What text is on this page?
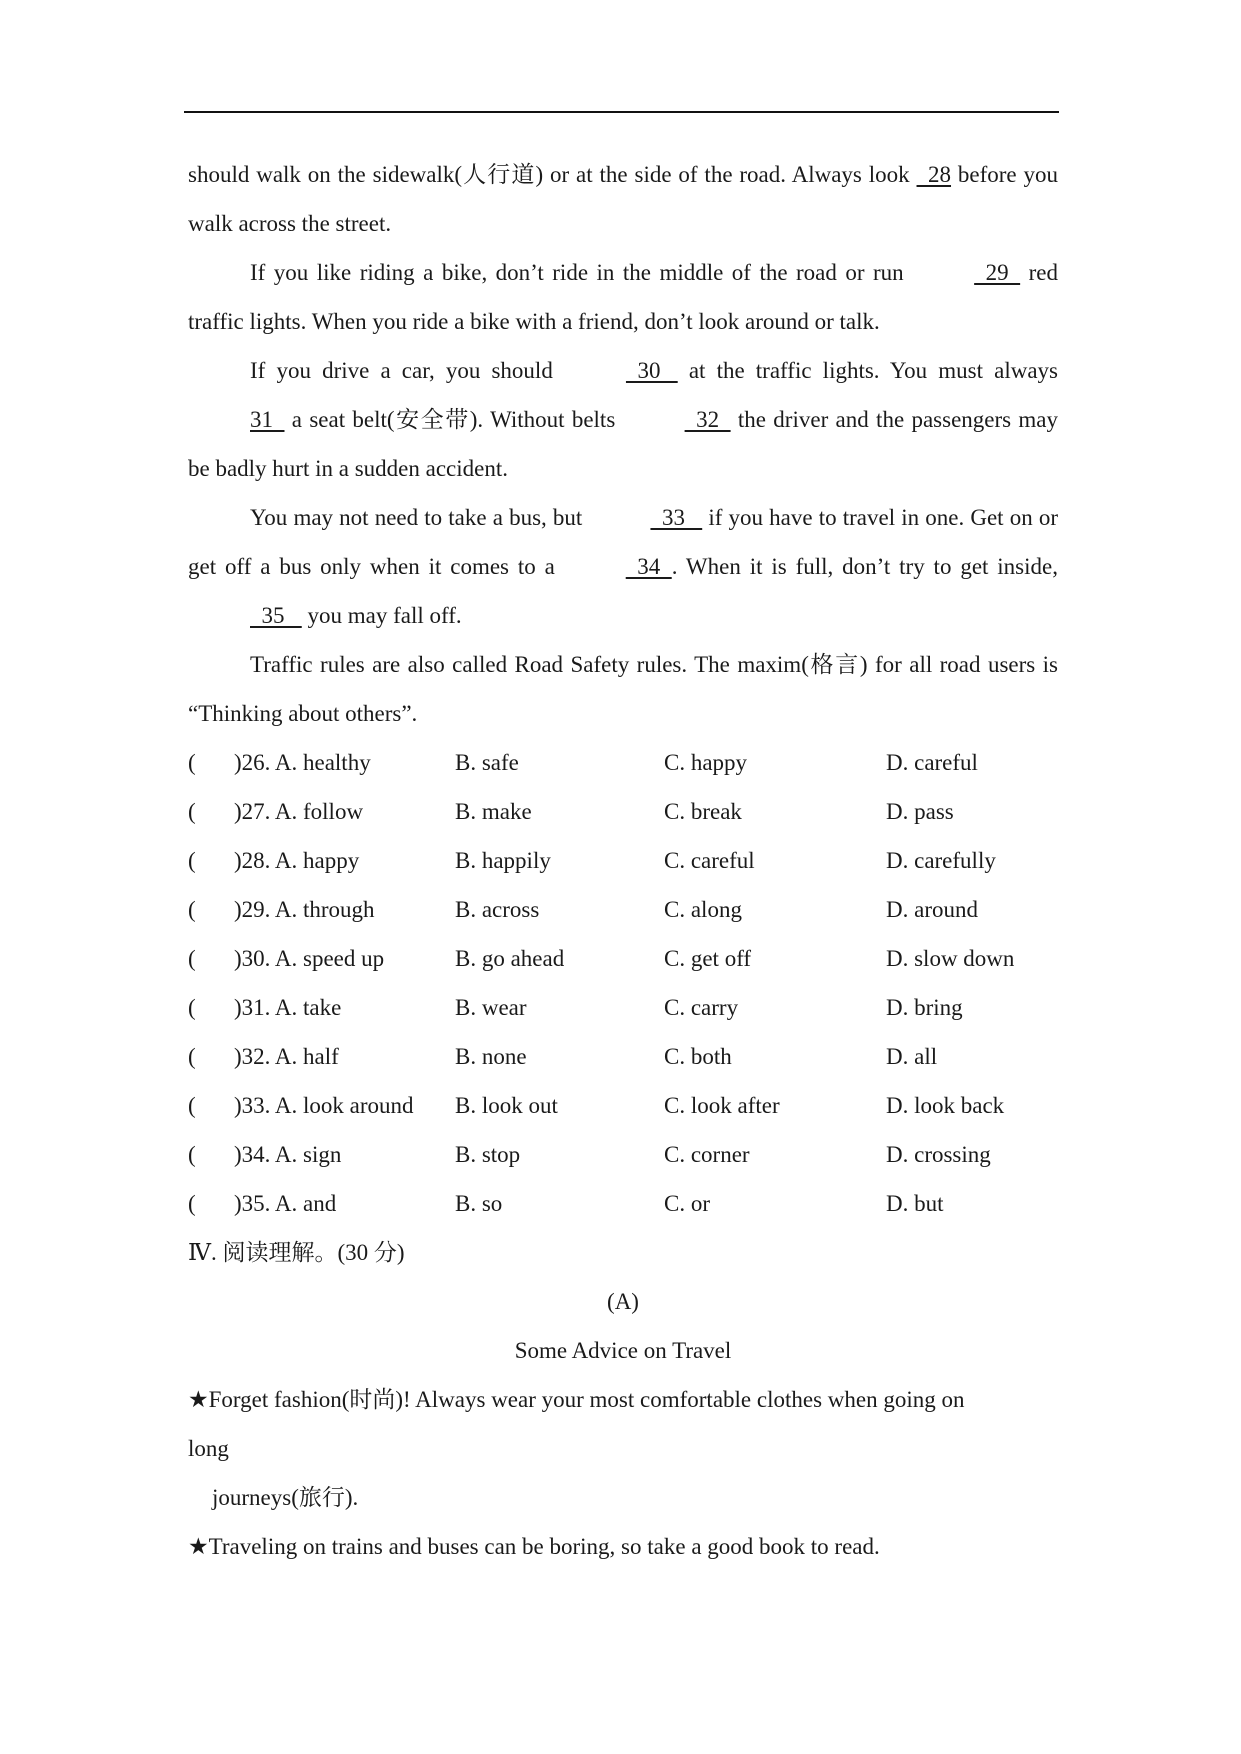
should walk on the sidewalk(人行道) or at the side of the road. Always look   28 before you walk across the street.

If you like riding a bike, don’t ride in the middle of the road or run	29   red traffic lights. When you ride a bike with a friend, don’t look around or talk.

If you drive a car, you should	30    at the traffic lights. You must always 31   a seat belt(安全带). Without belts	32   the driver and the passengers may be badly hurt in a sudden accident.

You may not need to take a bus, but	33    if you have to travel in one. Get on or get off a bus only when it comes to a	34  . When it is full, don’t try to get inside,   35    you may fall off.

Traffic rules are also called Road Safety rules. The maxim(格言) for all road users is “Thinking about others”.

(	)26. A. healthy	B. safe	C. happy	D. careful
(	)27. A. follow	B. make	C. break	D. pass
(	)28. A. happy	B. happily	C. careful	D. carefully
(	)29. A. through	B. across	C. along	D. around
(	)30. A. speed up	B. go ahead	C. get off	D. slow down
(	)31. A. take	B. wear	C. carry	D. bring
(	)32. A. half	B. none	C. both	D. all
(	)33. A. look around	B. look out	C. look after	D. look back
(	)34. A. sign	B. stop	C. corner	D. crossing
(	)35. A. and	B. so	C. or	D. but

Ⅳ. 阅读理解。(30 分)

(A)

Some Advice on Travel

★Forget fashion(时尚)! Always wear your most comfortable clothes when going on

long

journeys(旅行).

★Traveling on trains and buses can be boring, so take a good book to read.
